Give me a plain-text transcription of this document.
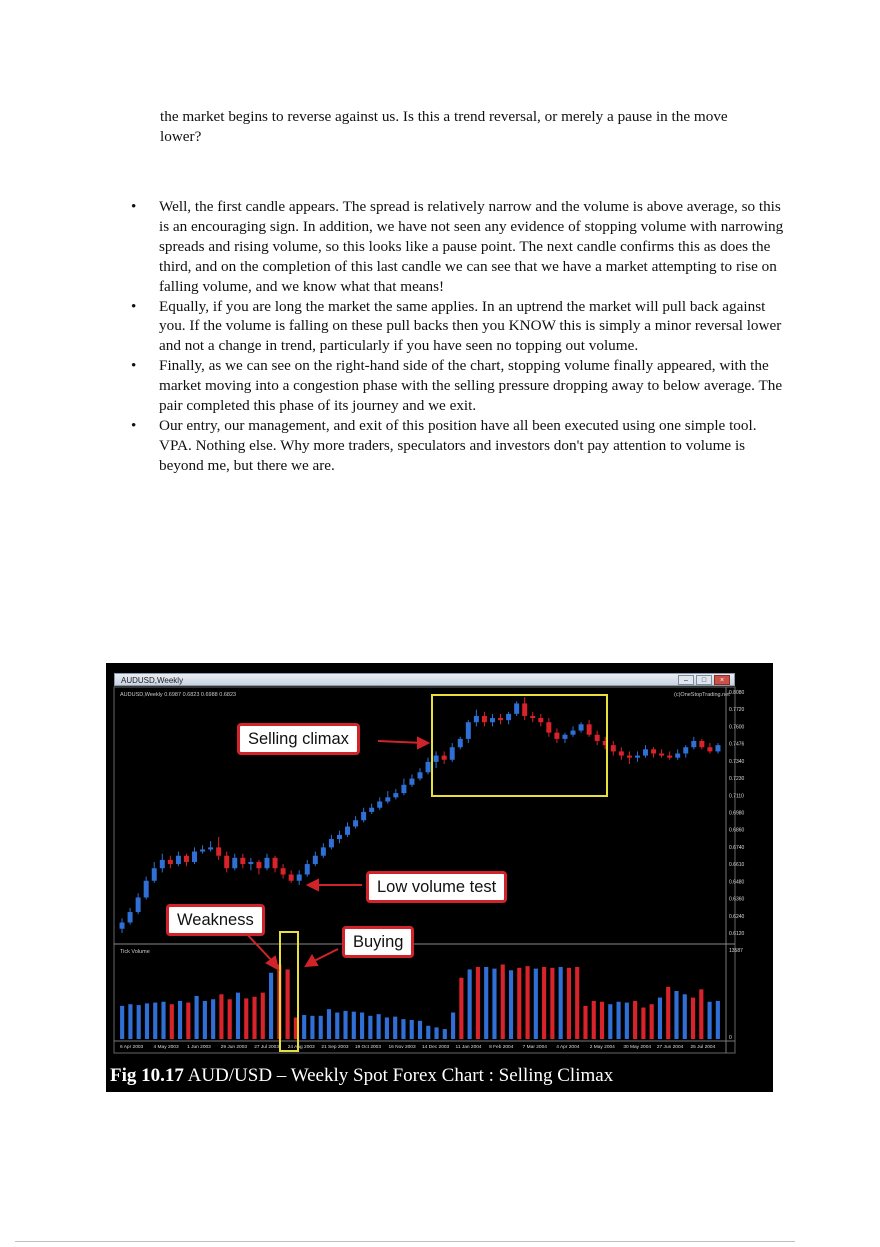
the market begins to reverse against us. Is this a trend reversal, or merely a pause in the move lower?

• Well, the first candle appears. The spread is relatively narrow and the volume is above average, so this is an encouraging sign. In addition, we have not seen any evidence of stopping volume with narrowing spreads and rising volume, so this looks like a pause point. The next candle confirms this as does the third, and on the completion of this last candle we can see that we have a market attempting to rise on falling volume, and we know what that means!
• Equally, if you are long the market the same applies. In an uptrend the market will pull back against you. If the volume is falling on these pull backs then you KNOW this is simply a minor reversal lower and not a change in trend, particularly if you have seen no topping out volume.
• Finally, as we can see on the right-hand side of the chart, stopping volume finally appeared, with the market moving into a congestion phase with the selling pressure dropping away to below average. The pair completed this phase of its journey and we exit.
• Our entry, our management, and exit of this position have all been executed using one simple tool. VPA. Nothing else. Why more traders, speculators and investors don't pay attention to volume is beyond me, but there we are.
AUDUSD,Weekly	–	□	×
AUDUSD,Weekly 0.6987 0.6823 0.6988 0.6823	(c)OneStopTrading.net
Tick Volume
0.8080
0.7720
0.7600
0.7476
0.7340
0.7230
0.7110
0.6980
0.6860
0.6740
0.6610
0.6480
0.6360
0.6240
0.6120
13587
0
6 Apr 2003 4 May 2003 1 Jun 2003 29 Jun 2003 27 Jul 2003 24 Aug 2003 21 Sep 2003 19 Oct 2003 16 Nov 2003 14 Dec 2003 11 Jan 2004 8 Feb 2004 7 Mar 2004 4 Apr 2004 2 May 2004 30 May 2004 27 Jun 2004 25 Jul 2004
Selling climax
Low volume test
Weakness
Buying
Fig 10.17 AUD/USD – Weekly Spot Forex Chart : Selling Climax
